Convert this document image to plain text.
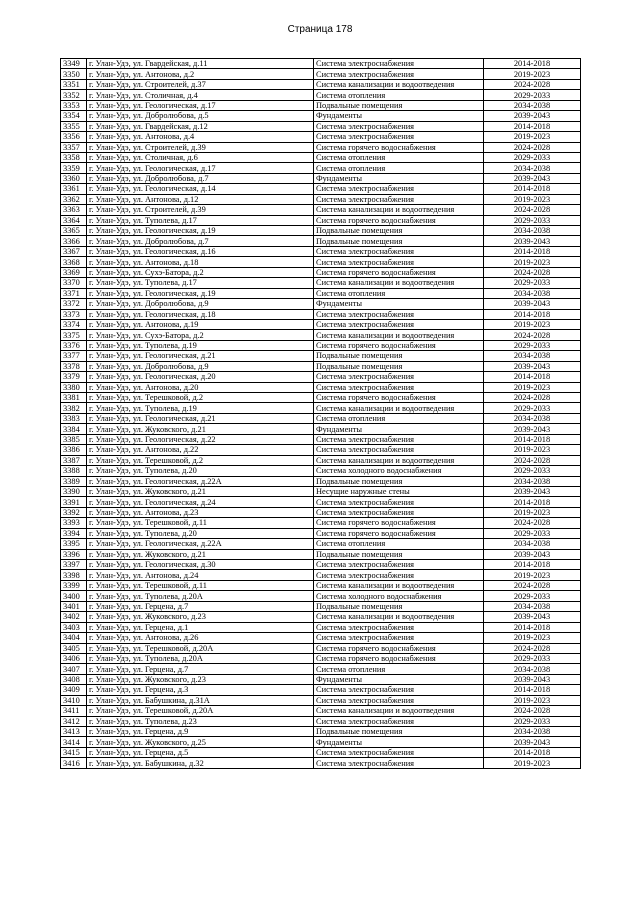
Страница 178
3349	г. Улан-Удэ, ул. Гвардейская, д.11	Система электроснабжения	2014-2018
3350	г. Улан-Удэ, ул. Антонова, д.2	Система электроснабжения	2019-2023
3351	г. Улан-Удэ, ул. Строителей, д.37	Система канализации и водоотведения	2024-2028
3352	г. Улан-Удэ, ул. Столичная, д.4	Система отопления	2029-2033
3353	г. Улан-Удэ, ул. Геологическая, д.17	Подвальные помещения	2034-2038
3354	г. Улан-Удэ, ул. Добролюбова, д.5	Фундаменты	2039-2043
3355	г. Улан-Удэ, ул. Гвардейская, д.12	Система электроснабжения	2014-2018
3356	г. Улан-Удэ, ул. Антонова, д.4	Система электроснабжения	2019-2023
3357	г. Улан-Удэ, ул. Строителей, д.39	Система горячего водоснабжения	2024-2028
3358	г. Улан-Удэ, ул. Столичная, д.6	Система отопления	2029-2033
3359	г. Улан-Удэ, ул. Геологическая, д.17	Система отопления	2034-2038
3360	г. Улан-Удэ, ул. Добролюбова, д.7	Фундаменты	2039-2043
3361	г. Улан-Удэ, ул. Геологическая, д.14	Система электроснабжения	2014-2018
3362	г. Улан-Удэ, ул. Антонова, д.12	Система электроснабжения	2019-2023
3363	г. Улан-Удэ, ул. Строителей, д.39	Система канализации и водоотведения	2024-2028
3364	г. Улан-Удэ, ул. Туполева, д.17	Система горячего водоснабжения	2029-2033
3365	г. Улан-Удэ, ул. Геологическая, д.19	Подвальные помещения	2034-2038
3366	г. Улан-Удэ, ул. Добролюбова, д.7	Подвальные помещения	2039-2043
3367	г. Улан-Удэ, ул. Геологическая, д.16	Система электроснабжения	2014-2018
3368	г. Улан-Удэ, ул. Антонова, д.18	Система электроснабжения	2019-2023
3369	г. Улан-Удэ, ул. Сухэ-Батора, д.2	Система горячего водоснабжения	2024-2028
3370	г. Улан-Удэ, ул. Туполева, д.17	Система канализации и водоотведения	2029-2033
3371	г. Улан-Удэ, ул. Геологическая, д.19	Система отопления	2034-2038
3372	г. Улан-Удэ, ул. Добролюбова, д.9	Фундаменты	2039-2043
3373	г. Улан-Удэ, ул. Геологическая, д.18	Система электроснабжения	2014-2018
3374	г. Улан-Удэ, ул. Антонова, д.19	Система электроснабжения	2019-2023
3375	г. Улан-Удэ, ул. Сухэ-Батора, д.2	Система канализации и водоотведения	2024-2028
3376	г. Улан-Удэ, ул. Туполева, д.19	Система горячего водоснабжения	2029-2033
3377	г. Улан-Удэ, ул. Геологическая, д.21	Подвальные помещения	2034-2038
3378	г. Улан-Удэ, ул. Добролюбова, д.9	Подвальные помещения	2039-2043
3379	г. Улан-Удэ, ул. Геологическая, д.20	Система электроснабжения	2014-2018
3380	г. Улан-Удэ, ул. Антонова, д.20	Система электроснабжения	2019-2023
3381	г. Улан-Удэ, ул. Терешковой, д.2	Система горячего водоснабжения	2024-2028
3382	г. Улан-Удэ, ул. Туполева, д.19	Система канализации и водоотведения	2029-2033
3383	г. Улан-Удэ, ул. Геологическая, д.21	Система отопления	2034-2038
3384	г. Улан-Удэ, ул. Жуковского, д.21	Фундаменты	2039-2043
3385	г. Улан-Удэ, ул. Геологическая, д.22	Система электроснабжения	2014-2018
3386	г. Улан-Удэ, ул. Антонова, д.22	Система электроснабжения	2019-2023
3387	г. Улан-Удэ, ул. Терешковой, д.2	Система канализации и водоотведения	2024-2028
3388	г. Улан-Удэ, ул. Туполева, д.20	Система холодного водоснабжения	2029-2033
3389	г. Улан-Удэ, ул. Геологическая, д.22А	Подвальные помещения	2034-2038
3390	г. Улан-Удэ, ул. Жуковского, д.21	Несущие наружные стены	2039-2043
3391	г. Улан-Удэ, ул. Геологическая, д.24	Система электроснабжения	2014-2018
3392	г. Улан-Удэ, ул. Антонова, д.23	Система электроснабжения	2019-2023
3393	г. Улан-Удэ, ул. Терешковой, д.11	Система горячего водоснабжения	2024-2028
3394	г. Улан-Удэ, ул. Туполева, д.20	Система горячего водоснабжения	2029-2033
3395	г. Улан-Удэ, ул. Геологическая, д.22А	Система отопления	2034-2038
3396	г. Улан-Удэ, ул. Жуковского, д.21	Подвальные помещения	2039-2043
3397	г. Улан-Удэ, ул. Геологическая, д.30	Система электроснабжения	2014-2018
3398	г. Улан-Удэ, ул. Антонова, д.24	Система электроснабжения	2019-2023
3399	г. Улан-Удэ, ул. Терешковой, д.11	Система канализации и водоотведения	2024-2028
3400	г. Улан-Удэ, ул. Туполева, д.20А	Система холодного водоснабжения	2029-2033
3401	г. Улан-Удэ, ул. Герцена, д.7	Подвальные помещения	2034-2038
3402	г. Улан-Удэ, ул. Жуковского, д.23	Система канализации и водоотведения	2039-2043
3403	г. Улан-Удэ, ул. Герцена, д.1	Система электроснабжения	2014-2018
3404	г. Улан-Удэ, ул. Антонова, д.26	Система электроснабжения	2019-2023
3405	г. Улан-Удэ, ул. Терешковой, д.20А	Система горячего водоснабжения	2024-2028
3406	г. Улан-Удэ, ул. Туполева, д.20А	Система горячего водоснабжения	2029-2033
3407	г. Улан-Удэ, ул. Герцена, д.7	Система отопления	2034-2038
3408	г. Улан-Удэ, ул. Жуковского, д.23	Фундаменты	2039-2043
3409	г. Улан-Удэ, ул. Герцена, д.3	Система электроснабжения	2014-2018
3410	г. Улан-Удэ, ул. Бабушкина, д.31А	Система электроснабжения	2019-2023
3411	г. Улан-Удэ, ул. Терешковой, д.20А	Система канализации и водоотведения	2024-2028
3412	г. Улан-Удэ, ул. Туполева, д.23	Система электроснабжения	2029-2033
3413	г. Улан-Удэ, ул. Герцена, д.9	Подвальные помещения	2034-2038
3414	г. Улан-Удэ, ул. Жуковского, д.25	Фундаменты	2039-2043
3415	г. Улан-Удэ, ул. Герцена, д.5	Система электроснабжения	2014-2018
3416	г. Улан-Удэ, ул. Бабушкина, д.32	Система электроснабжения	2019-2023
